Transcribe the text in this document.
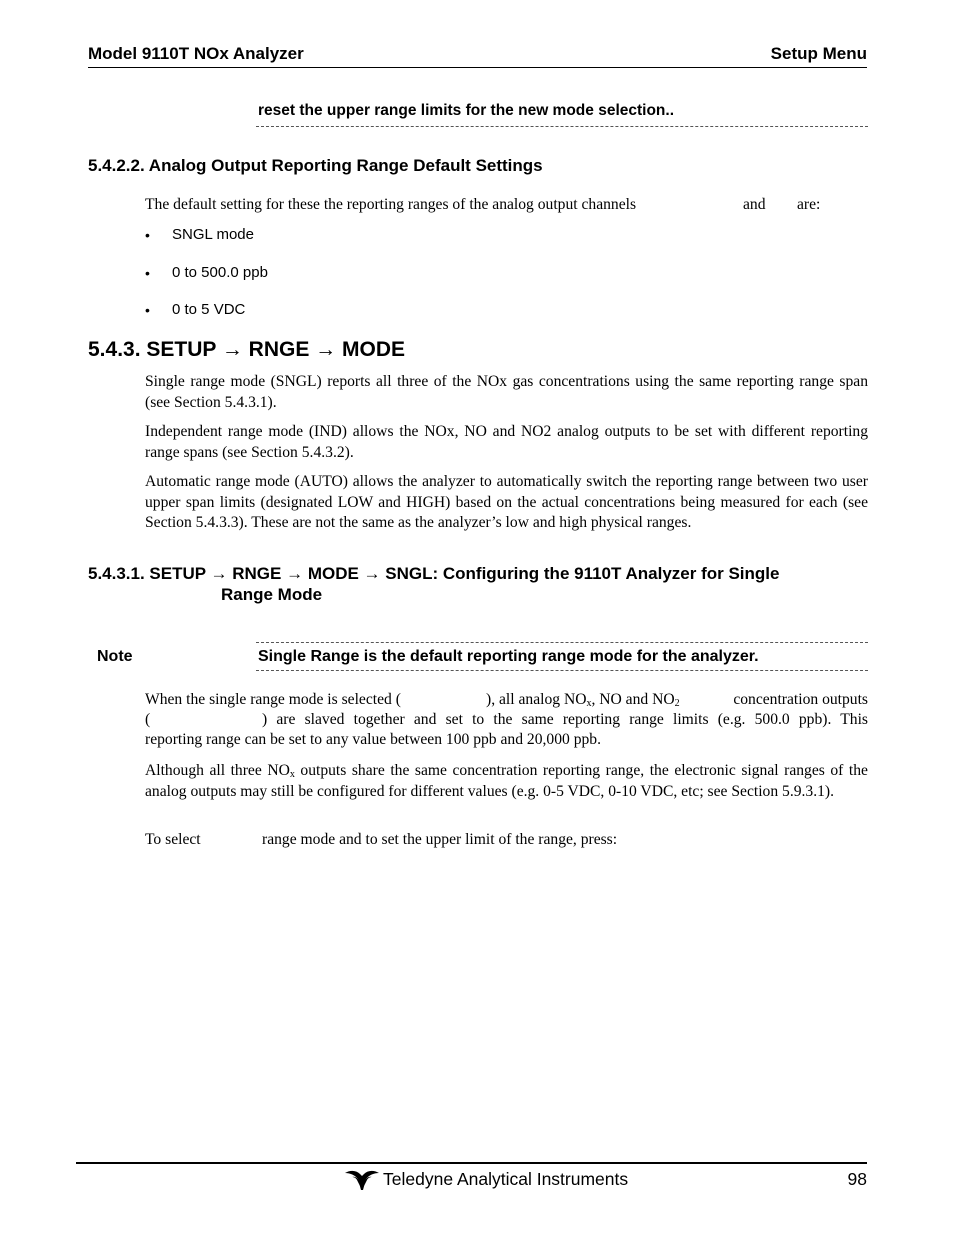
Model 9110T NOx Analyzer	Setup Menu
reset the upper range limits for the new mode selection..
5.4.2.2. Analog Output Reporting Range Default Settings
The default setting for these the reporting ranges of the analog output channels	and are:
• SNGL mode
• 0 to 500.0 ppb
• 0 to 5 VDC
5.4.3. SETUP → RNGE → MODE
Single range mode (SNGL) reports all three of the NOx gas concentrations using the same reporting range span (see Section 5.4.3.1).
Independent range mode (IND) allows the NOx, NO and NO2 analog outputs to be set with different reporting range spans (see Section 5.4.3.2).
Automatic range mode (AUTO) allows the analyzer to automatically switch the reporting range between two user upper span limits (designated LOW and HIGH) based on the actual concentrations being measured for each (see Section 5.4.3.3). These are not the same as the analyzer’s low and high physical ranges.
5.4.3.1. SETUP → RNGE → MODE → SNGL: Configuring the 9110T Analyzer for Single
Range Mode
Note	Single Range is the default reporting range mode for the analyzer.
When the single range mode is selected (	), all analog $NO_x$, NO and $NO_2$	concentration outputs
(	) are slaved together and set to the same reporting range limits (e.g. 500.0 ppb). This
reporting range can be set to any value between 100 ppb and 20,000 ppb.
Although all three $NO_x$ outputs share the same concentration reporting range, the electronic signal ranges of the analog outputs may still be configured for different values (e.g. 0-5 VDC, 0-10 VDC, etc; see Section 5.9.3.1).
To select	range mode and to set the upper limit of the range, press:
Teledyne Analytical Instruments	98
